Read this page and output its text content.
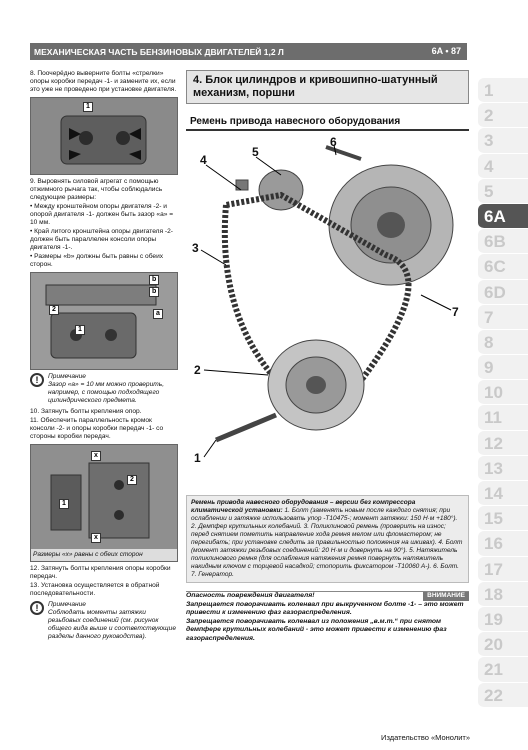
МЕХАНИЧЕСКАЯ ЧАСТЬ БЕНЗИНОВЫХ ДВИГАТЕЛЕЙ 1,2 Л	6A • 87
1
2
3
4
5
6A
6B
6C
6D
7
8
9
10
11
12
13
14
15
16
17
18
19
20
21
22

8. Поочерёдно выверните болты «стрелки» опоры коробки передач -1- и замените их, если это уже не проведено при установке двигателя.

1

9. Выровнять силовой агрегат с помощью отжимного рычага так, чтобы соблюдались следующие размеры:

• Между кронштейном опоры двигателя -2- и опорой двигателя -1- должен быть зазор «a» = 10 мм.

• Край литого кронштейна опоры двигателя -2- должен быть параллелен консоли опоры двигателя -1-.

• Размеры «b» должны быть равны с обеих сторон.

b
b
2
1
a
!	Примечание
Зазор «a» = 10 мм можно проверить, например, с помощью подходящего цилиндрического предмета.

10. Затянуть болты крепления опор.

11. Обеспечить параллельность кромок консоли -2- и опоры коробки передач -1- со стороны коробки передач.

x
2
1
x
Размеры «x» равны с обеих сторон

12. Затянуть болты крепления опоры коробки передач.

13. Установка осуществляется в обратной последовательности.

!	Примечание
Соблюдать моменты затяжки резьбовых соединений (см. рисунок общего вида выше и соответствующие разделы данного руководства).
4. Блок цилиндров и кривошипно-шатунный механизм, поршни
Ремень привода навесного оборудования
4
5
6
3
7
2
1
Ремень привода навесного оборудования – версии без компрессора климатической установки: 1. Болт (заменять новым после каждого снятия; при ослаблении и затяжке использовать упор -T10475-; момент затяжки: 150 Н·м +180°). 2. Демпфер крутильных колебаний. 3. Поликлиновой ремень (проверить на износ; перед снятием пометить направление хода ремня мелом или фломастером; не перегибать; при установке следить за правильностью положения на шкивах). 4. Болт (момент затяжки резьбовых соединений: 20 Н·м и довернуть на 90°). 5. Натяжитель поликлинового ремня (для ослабления натяжения ремня повернуть натяжитель накидным ключом с торцевой насадкой; стопорить фиксатором -T10060 A-). 6. Болт. 7. Генератор.
ВНИМАНИЕ
Опасность повреждения двигателя!
Запрещается поворачивать коленвал при выкрученном болте -1- – это может привести к изменению фаз газораспределения.
Запрещается поворачивать коленвал из положения „в.м.т.“ при снятом демпфере крутильных колебаний - это может привести к изменению фаз газораспределения.
Издательство «Монолит»
